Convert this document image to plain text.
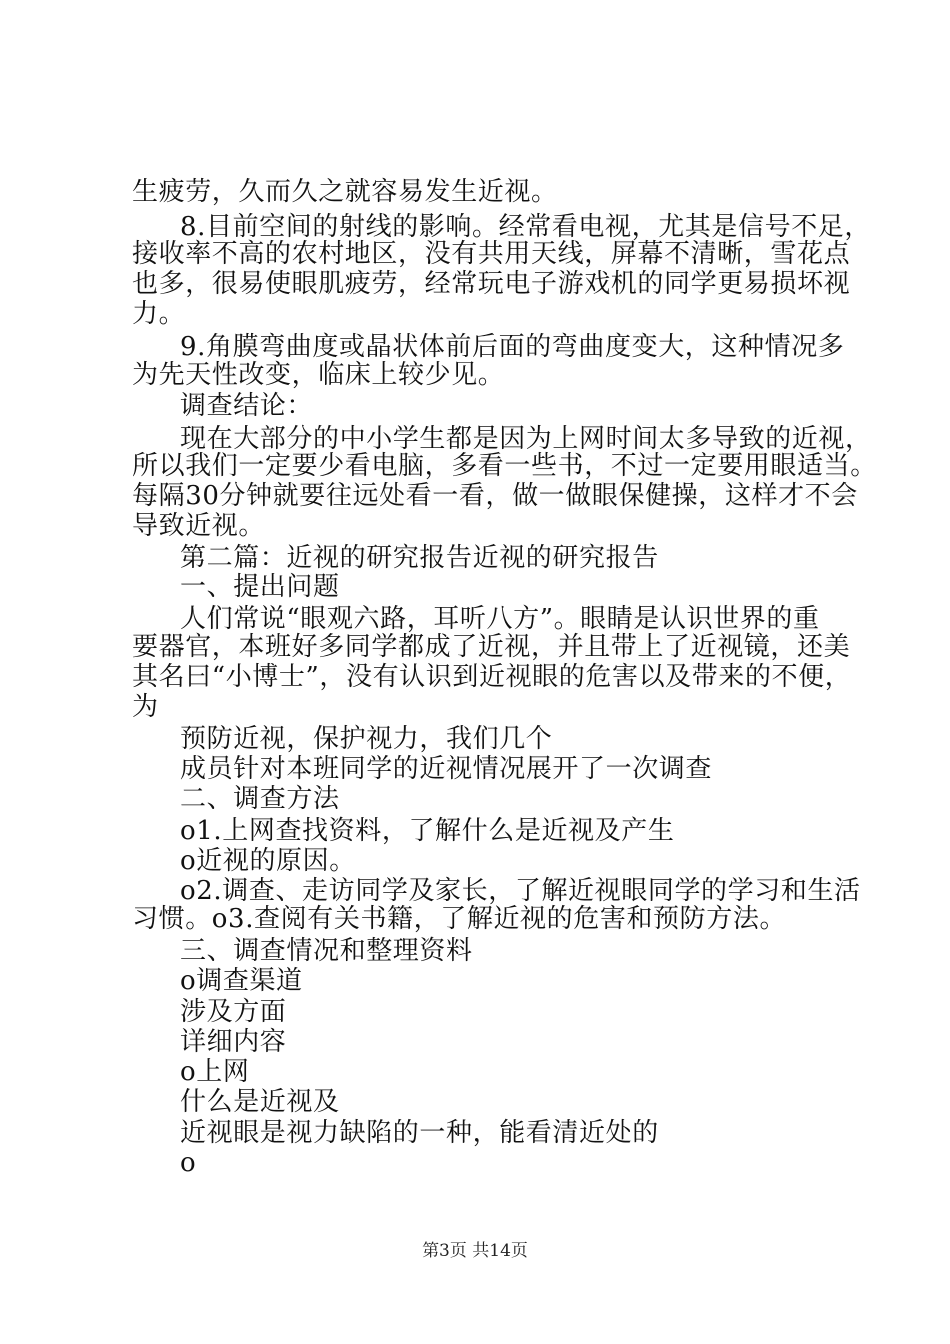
生疲劳，久而久之就容易发生近视。
8.目前空间的射线的影响。经常看电视，尤其是信号不足，
接收率不高的农村地区，没有共用天线，屏幕不清晰，雪花点
也多，很易使眼肌疲劳，经常玩电子游戏机的同学更易损坏视
力。
9.角膜弯曲度或晶状体前后面的弯曲度变大，这种情况多
为先天性改变，临床上较少见。
调查结论：
现在大部分的中小学生都是因为上网时间太多导致的近视，
所以我们一定要少看电脑，多看一些书，不过一定要用眼适当。
每隔30分钟就要往远处看一看，做一做眼保健操，这样才不会
导致近视。
第二篇：近视的研究报告近视的研究报告
一、提出问题
人们常说“眼观六路，耳听八方”。眼睛是认识世界的重
要器官，本班好多同学都成了近视，并且带上了近视镜，还美
其名曰“小博士”，没有认识到近视眼的危害以及带来的不便，
为
预防近视，保护视力，我们几个
成员针对本班同学的近视情况展开了一次调查
二、调查方法
o1.上网查找资料，了解什么是近视及产生
o近视的原因。
o2.调查、走访同学及家长，了解近视眼同学的学习和生活
习惯。o3.查阅有关书籍，了解近视的危害和预防方法。
三、调查情况和整理资料
o调查渠道
涉及方面
详细内容
o上网
什么是近视及
近视眼是视力缺陷的一种，能看清近处的
o
第3页 共14页
